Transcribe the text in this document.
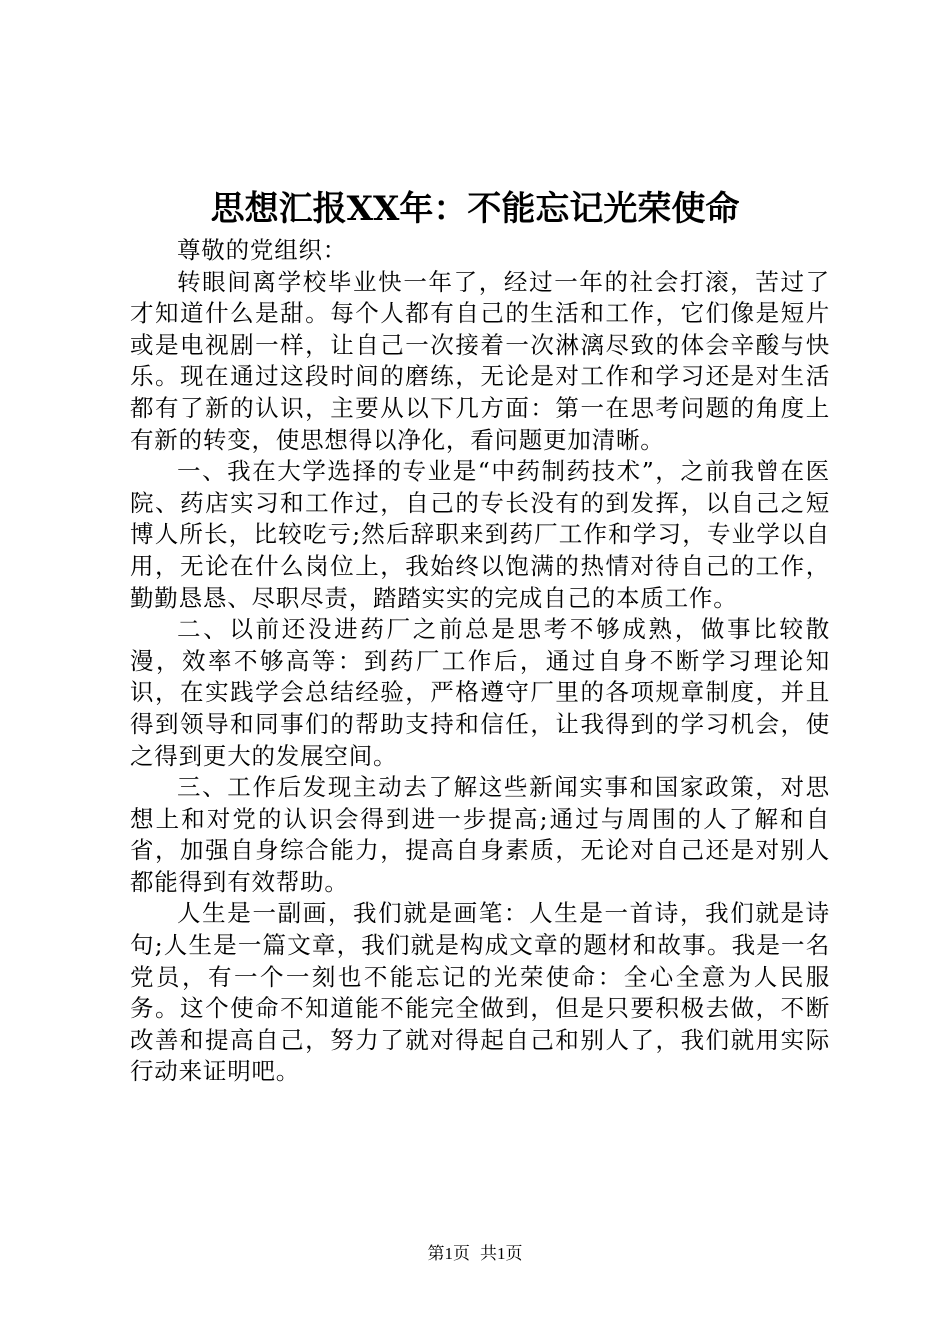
思想汇报XX年：不能忘记光荣使命

尊敬的党组织：

转眼间离学校毕业快一年了，经过一年的社会打滚，苦过了才知道什么是甜。每个人都有自己的生活和工作，它们像是短片或是电视剧一样，让自己一次接着一次淋漓尽致的体会辛酸与快乐。现在通过这段时间的磨练，无论是对工作和学习还是对生活都有了新的认识，主要从以下几方面：第一在思考问题的角度上有新的转变，使思想得以净化，看问题更加清晰。

一、我在大学选择的专业是“中药制药技术”，之前我曾在医院、药店实习和工作过，自己的专长没有的到发挥，以自己之短博人所长，比较吃亏;然后辞职来到药厂工作和学习，专业学以自用，无论在什么岗位上，我始终以饱满的热情对待自己的工作，勤勤恳恳、尽职尽责，踏踏实实的完成自己的本质工作。

二、以前还没进药厂之前总是思考不够成熟，做事比较散漫，效率不够高等：到药厂工作后，通过自身不断学习理论知识，在实践学会总结经验，严格遵守厂里的各项规章制度，并且得到领导和同事们的帮助支持和信任，让我得到的学习机会，使之得到更大的发展空间。

三、工作后发现主动去了解这些新闻实事和国家政策，对思想上和对党的认识会得到进一步提高;通过与周围的人了解和自省，加强自身综合能力，提高自身素质，无论对自己还是对别人都能得到有效帮助。

人生是一副画，我们就是画笔：人生是一首诗，我们就是诗句;人生是一篇文章，我们就是构成文章的题材和故事。我是一名党员，有一个一刻也不能忘记的光荣使命：全心全意为人民服务。这个使命不知道能不能完全做到，但是只要积极去做，不断改善和提高自己，努力了就对得起自己和别人了，我们就用实际行动来证明吧。

第1页 共1页
